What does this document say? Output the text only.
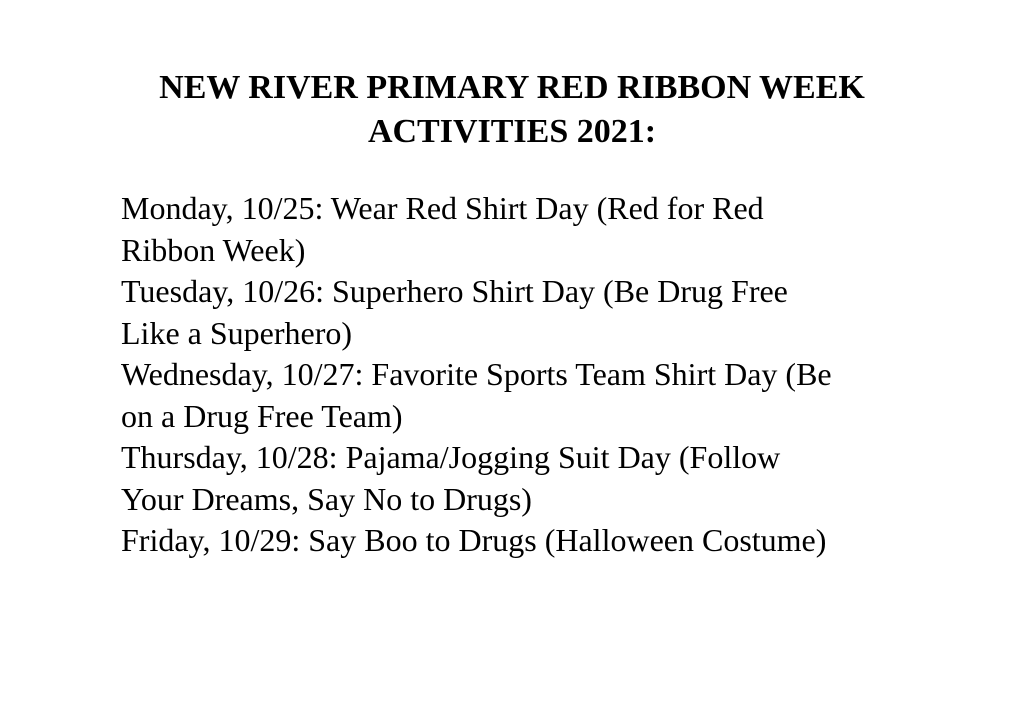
NEW RIVER PRIMARY RED RIBBON WEEK
ACTIVITIES 2021:
Monday, 10/25: Wear Red Shirt Day (Red for Red
Ribbon Week)
Tuesday, 10/26: Superhero Shirt Day (Be Drug Free
Like a Superhero)
Wednesday, 10/27: Favorite Sports Team Shirt Day (Be
on a Drug Free Team)
Thursday, 10/28: Pajama/Jogging Suit Day (Follow
Your Dreams, Say No to Drugs)
Friday, 10/29: Say Boo to Drugs (Halloween Costume)
